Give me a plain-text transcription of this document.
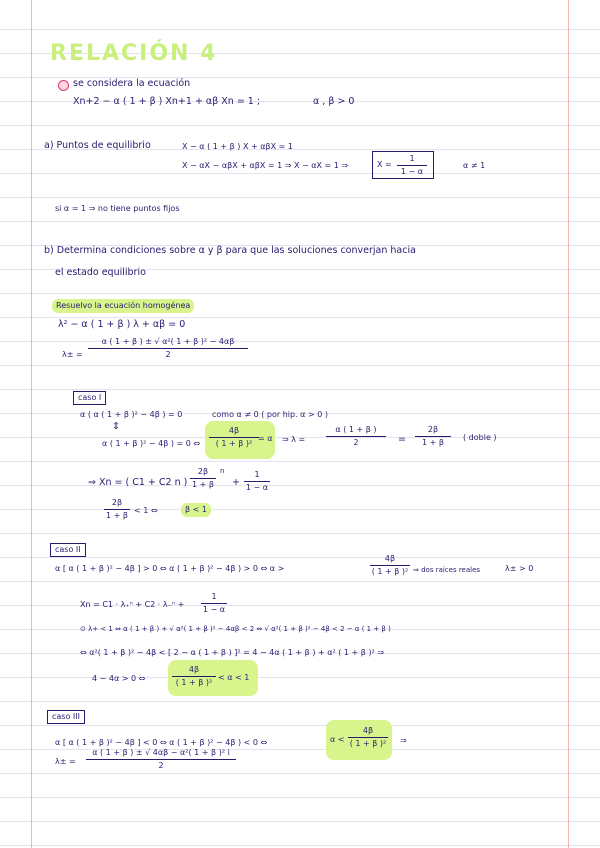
RELACIÓN 4
se considera la ecuación
Xn+2 − α ( 1 + β ) Xn+1 + αβ Xn = 1 ;	α , β > 0
a) Puntos de equilibrio	X − α ( 1 + β ) X + αβX = 1
X − αX − αβX + αβX = 1 ⇒ X − αX = 1 ⇒	X =
1
1 − α
α ≠ 1
si α = 1 ⇒ no tiene puntos fijos
b) Determina condiciones sobre α y β para que las soluciones converjan hacia
el estado equilibrio
Resuelvo la ecuación homogénea
λ² − α ( 1 + β ) λ + αβ = 0
λ± =
α ( 1 + β ) ± √ α²( 1 + β )² − 4αβ
2
caso I
α ( α ( 1 + β )² − 4β ) = 0	como α ≠ 0 ( por hip. α > 0 )
⇕
α ( 1 + β )² − 4β ) = 0 ⇔
4β
( 1 + β )²
= α ⇒ λ =
α ( 1 + β )
2	=
2β
1 + β
( doble )
⇒ Xn = ( C1 + C2 n )
2β
1 + β
n
+
1
1 − α
2β
1 + β
< 1 ⇔	β < 1
caso II
α [ α ( 1 + β )² − 4β ] > 0 ⇔ α ( 1 + β )² − 4β ) > 0 ⇔ α >
4β
( 1 + β )² ⇒ dos raíces reales	λ± > 0
Xn = C1 · λ₊ⁿ + C2 · λ₋ⁿ +
1
1 − α
⊙ λ+ < 1 ⇔ α ( 1 + β ) + √ α²( 1 + β )² − 4αβ < 2 ⇔ √ α²( 1 + β )² − 4β < 2 − α ( 1 + β )
⇔ α²( 1 + β )² − 4β < [ 2 − α ( 1 + β ) ]² = 4 − 4α ( 1 + β ) + α² ( 1 + β )² ⇒
4 − 4α > 0 ⇔
4β
( 1 + β )²
< α < 1
caso III
α [ α ( 1 + β )² − 4β ] < 0 ⇔ α ( 1 + β )² − 4β ) < 0 ⇔	α <
4β
( 1 + β )² ⇒
λ± =
α ( 1 + β ) ± √ 4αβ − α²( 1 + β )² i
2
